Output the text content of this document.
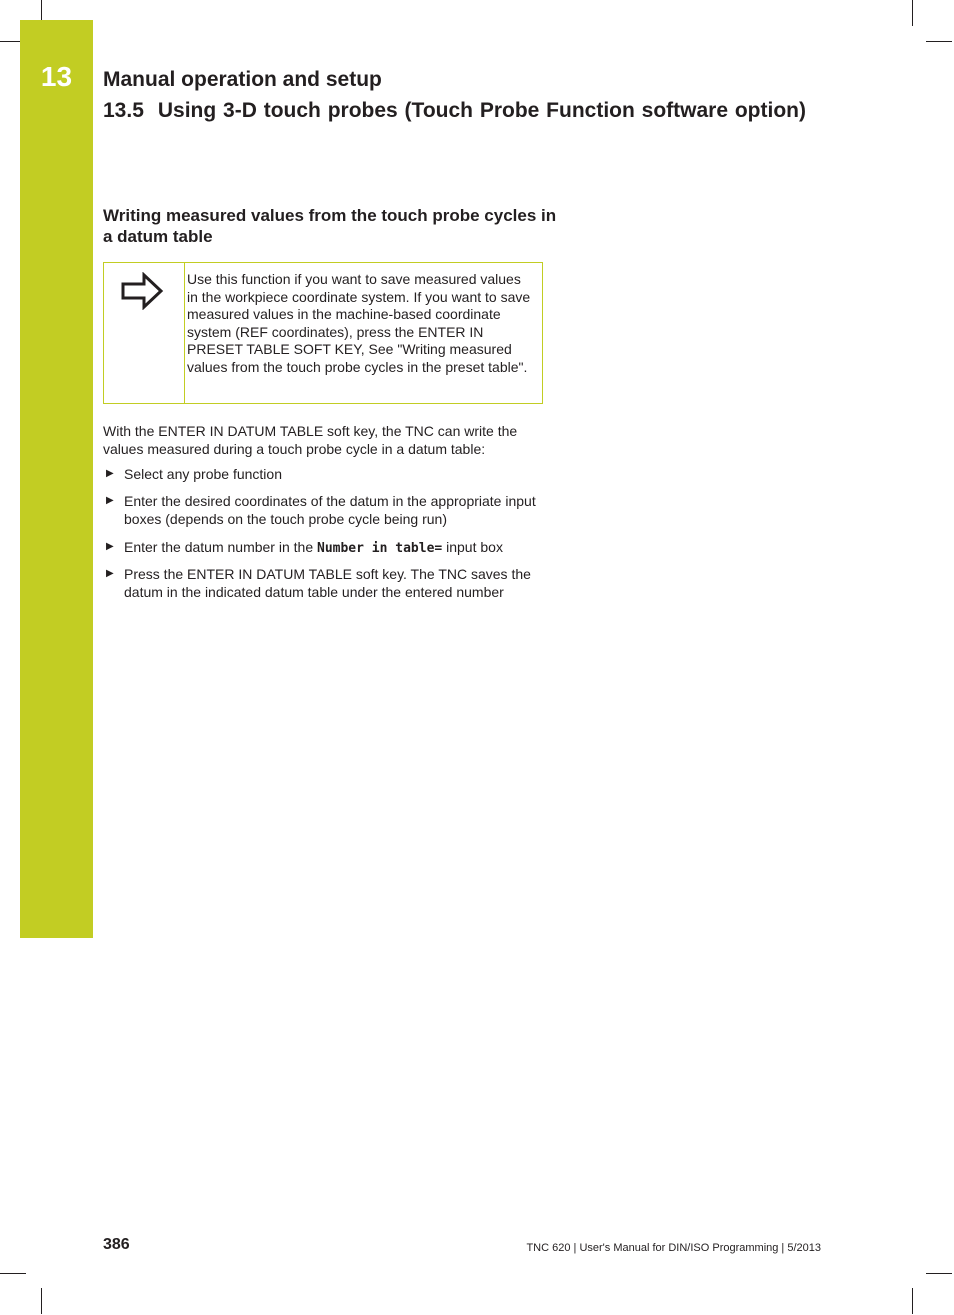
13	Manual operation and setup
13.5 Using 3-D touch probes (Touch Probe Function software option)
Writing measured values from the touch probe cycles in a datum table
Use this function if you want to save measured values in the workpiece coordinate system. If you want to save measured values in the machine-based coordinate system (REF coordinates), press the ENTER IN PRESET TABLE SOFT KEY, See "Writing measured values from the touch probe cycles in the preset table".
With the ENTER IN DATUM TABLE soft key, the TNC can write the values measured during a touch probe cycle in a datum table:
▶ Select any probe function
▶ Enter the desired coordinates of the datum in the appropriate input boxes (depends on the touch probe cycle being run)
▶ Enter the datum number in the Number in table= input box
▶ Press the ENTER IN DATUM TABLE soft key. The TNC saves the datum in the indicated datum table under the entered number
386	TNC 620 | User's Manual for DIN/ISO Programming | 5/2013
